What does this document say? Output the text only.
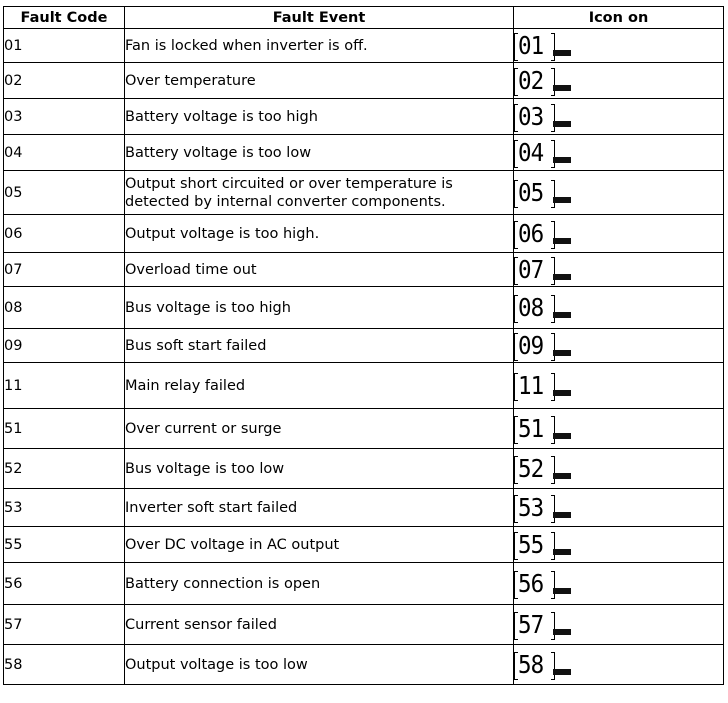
Fault Code	Fault Event	Icon on
01	Fan is locked when inverter is off.	01

02	Over temperature	02

03	Battery voltage is too high	03

04	Battery voltage is too low	04

05	Output short circuited or over temperature is detected by internal converter components.	05

06	Output voltage is too high.	06

07	Overload time out	07

08	Bus voltage is too high	08

09	Bus soft start failed	09

11	Main relay failed	11

51	Over current or surge	51

52	Bus voltage is too low	52

53	Inverter soft start failed	53

55	Over DC voltage in AC output	55

56	Battery connection is open	56

57	Current sensor failed	57

58	Output voltage is too low	58
